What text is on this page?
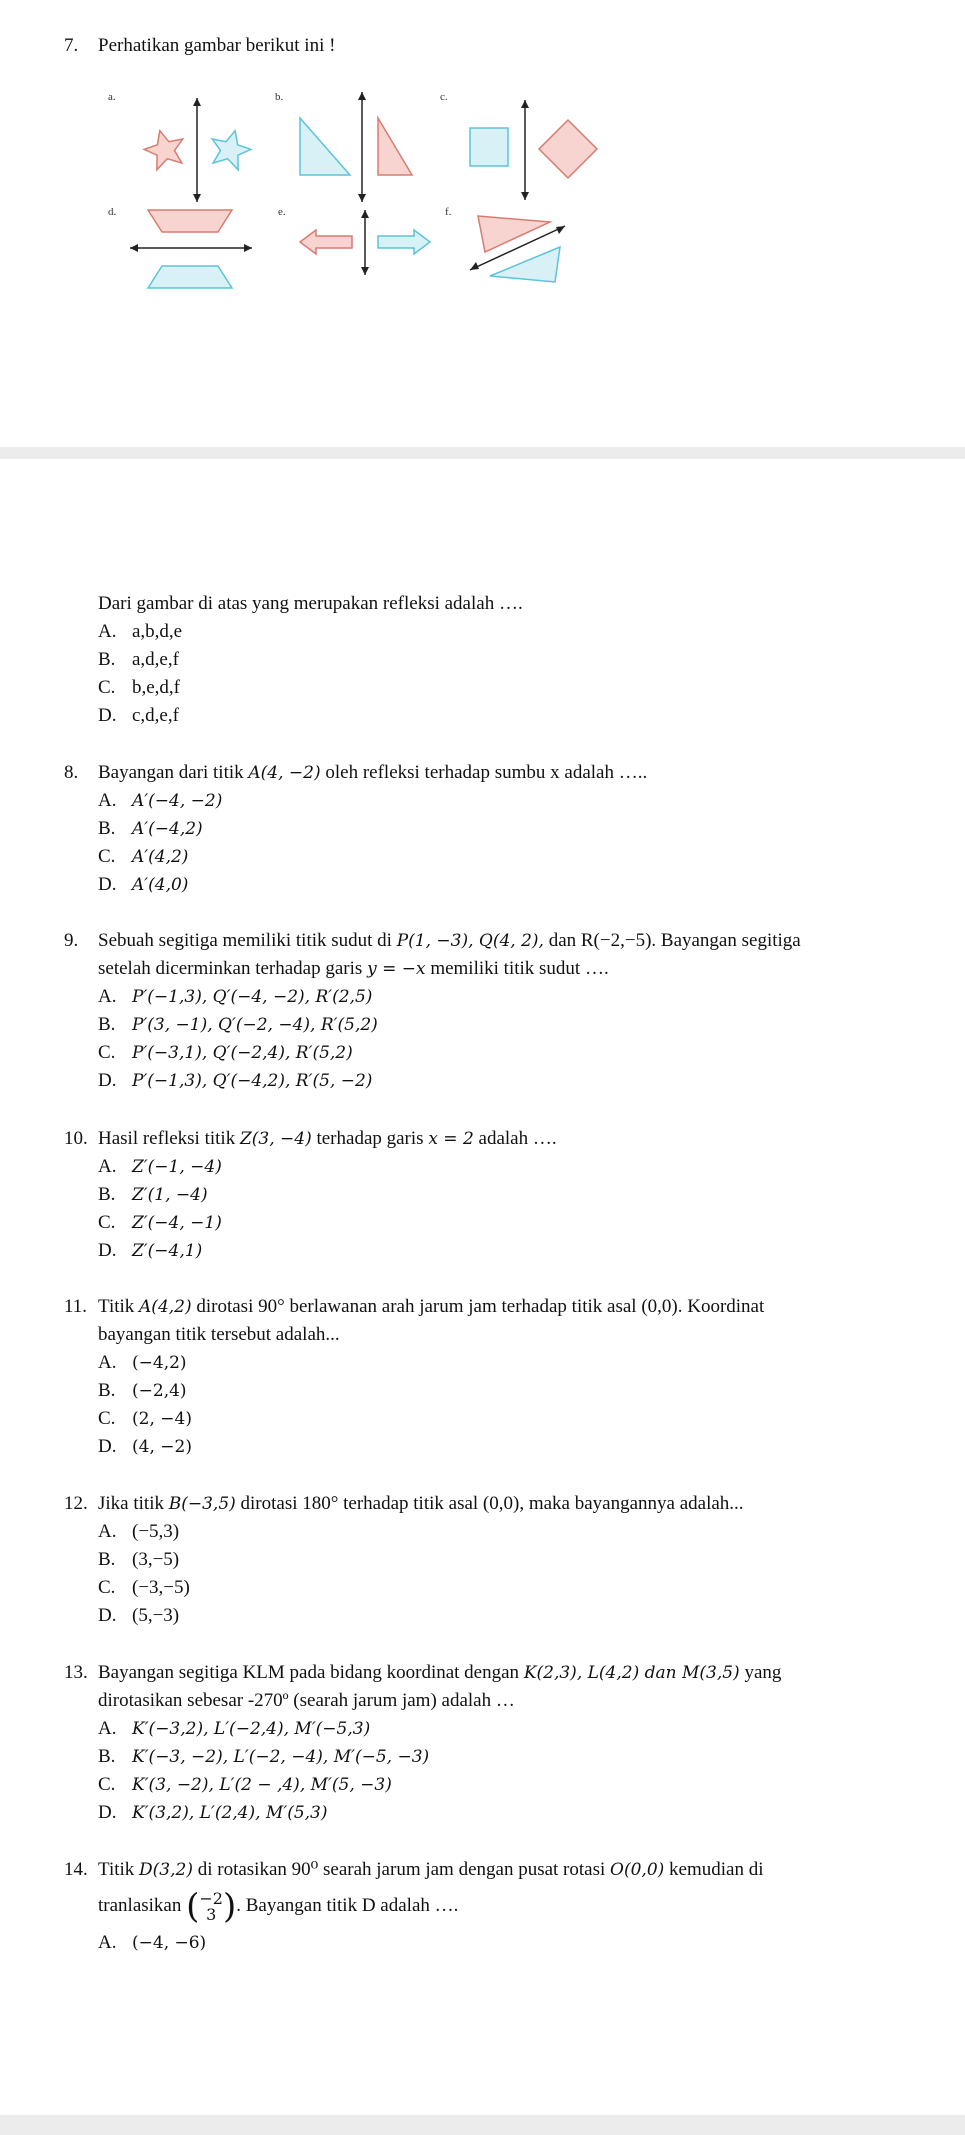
7. Perhatikan gambar berikut ini !
a.	b.	c.
d.	e.	f.
Dari gambar di atas yang merupakan refleksi adalah ….
A. a,b,d,e
B. a,d,e,f
C. b,e,d,f
D. c,d,e,f
8. Bayangan dari titik A(4, −2) oleh refleksi terhadap sumbu x adalah …..
A. A′(−4, −2)
B. A′(−4,2)
C. A′(4,2)
D. A′(4,0)
9. Sebuah segitiga memiliki titik sudut di P(1, −3), Q(4, 2), dan R(−2,−5). Bayangan segitiga
setelah dicerminkan terhadap garis y = −x memiliki titik sudut ….
A. P′(−1,3), Q′(−4, −2), R′(2,5)
B. P′(3, −1), Q′(−2, −4), R′(5,2)
C. P′(−3,1), Q′(−2,4), R′(5,2)
D. P′(−1,3), Q′(−4,2), R′(5, −2)
10. Hasil refleksi titik Z(3, −4) terhadap garis x = 2 adalah ….
A. Z′(−1, −4)
B. Z′(1, −4)
C. Z′(−4, −1)
D. Z′(−4,1)
11. Titik A(4,2) dirotasi 90° berlawanan arah jarum jam terhadap titik asal (0,0). Koordinat
bayangan titik tersebut adalah...
A. (−4,2)
B. (−2,4)
C. (2, −4)
D. (4, −2)
12. Jika titik B(−3,5) dirotasi 180° terhadap titik asal (0,0), maka bayangannya adalah...
A. (−5,3)
B. (3,−5)
C. (−3,−5)
D. (5,−3)
13. Bayangan segitiga KLM pada bidang koordinat dengan K(2,3), L(4,2) dan M(3,5) yang
dirotasikan sebesar -270º (searah jarum jam) adalah …
A. K′(−3,2), L′(−2,4), M′(−5,3)
B. K′(−3, −2), L′(−2, −4), M′(−5, −3)
C. K′(3, −2), L′(2 − ,4), M′(5, −3)
D. K′(3,2), L′(2,4), M′(5,3)
14. Titik D(3,2) di rotasikan 90⁰ searah jarum jam dengan pusat rotasi O(0,0) kemudian di
tranlasikan ( −2
3 ). Bayangan titik D adalah ….
A. (−4, −6)
